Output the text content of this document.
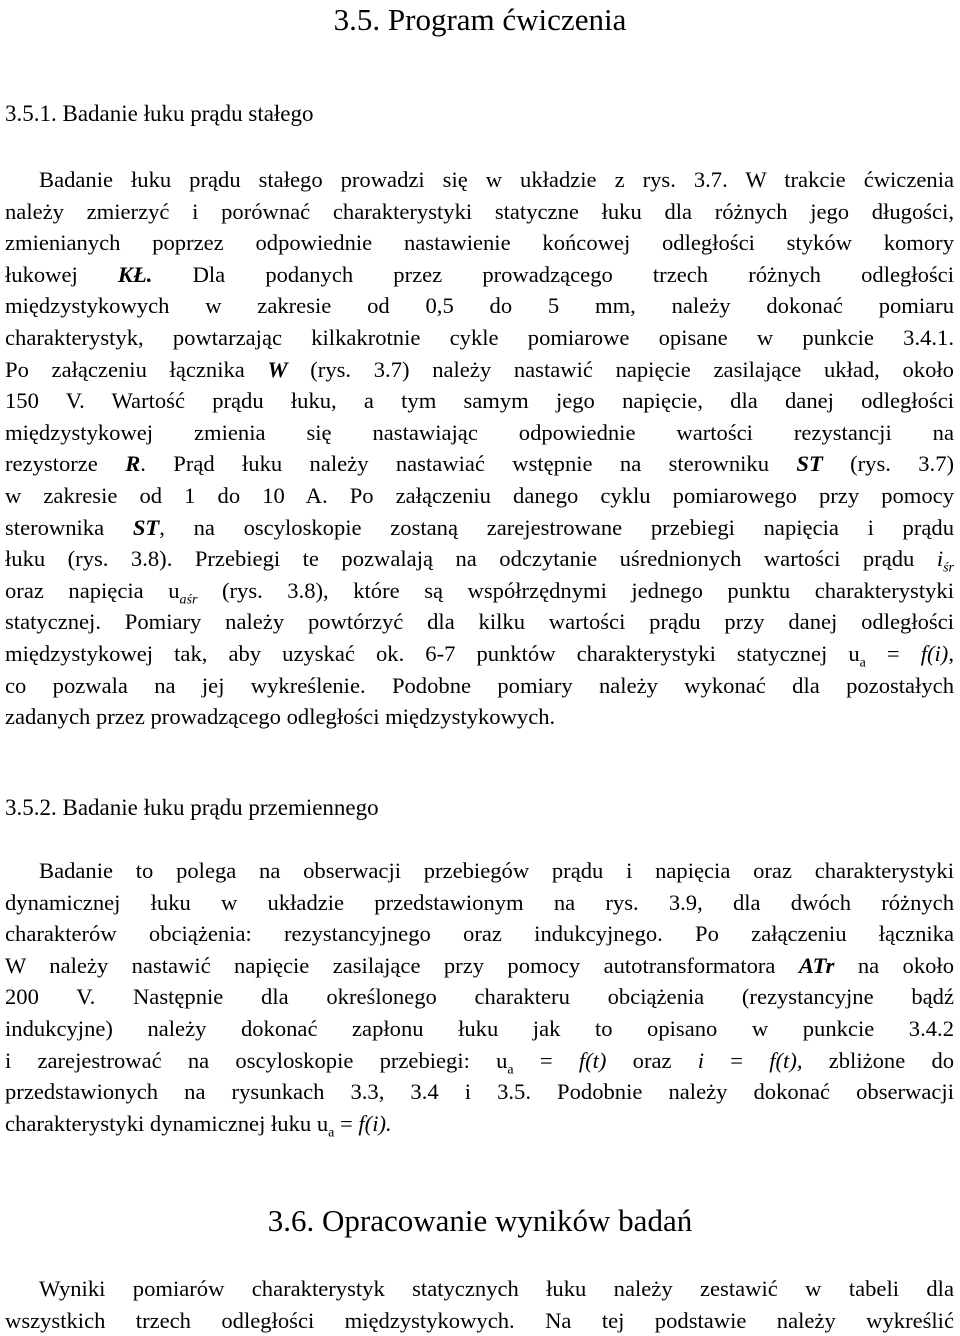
3.5. Program ćwiczenia
3.5.1. Badanie łuku prądu stałego
Badanie łuku prądu stałego prowadzi się w układzie z rys. 3.7. W trakcie ćwiczenia
należy zmierzyć i porównać charakterystyki statyczne łuku dla różnych jego długości,
zmienianych poprzez odpowiednie nastawienie końcowej odległości styków komory
łukowej KŁ. Dla podanych przez prowadzącego trzech różnych odległości
międzystykowych w zakresie od 0,5 do 5 mm, należy dokonać pomiaru
charakterystyk, powtarzając kilkakrotnie cykle pomiarowe opisane w punkcie 3.4.1.
Po załączeniu łącznika W (rys. 3.7) należy nastawić napięcie zasilające układ, około
150 V. Wartość prądu łuku, a tym samym jego napięcie, dla danej odległości
międzystykowej zmienia się nastawiając odpowiednie wartości rezystancji na
rezystorze R. Prąd łuku należy nastawiać wstępnie na sterowniku ST (rys. 3.7)
w zakresie od 1 do 10 A. Po załączeniu danego cyklu pomiarowego przy pomocy
sterownika ST, na oscyloskopie zostaną zarejestrowane przebiegi napięcia i prądu
łuku (rys. 3.8). Przebiegi te pozwalają na odczytanie uśrednionych wartości prądu $i_{śr}$
oraz napięcia $u_{aśr}$ (rys. 3.8), które są współrzędnymi jednego punktu charakterystyki
statycznej. Pomiary należy powtórzyć dla kilku wartości prądu przy danej odległości
międzystykowej tak, aby uzyskać ok. 6-7 punktów charakterystyki statycznej $u_a = f(i)$,
co pozwala na jej wykreślenie. Podobne pomiary należy wykonać dla pozostałych
zadanych przez prowadzącego odległości międzystykowych.
3.5.2. Badanie łuku prądu przemiennego
Badanie to polega na obserwacji przebiegów prądu i napięcia oraz charakterystyki
dynamicznej łuku w układzie przedstawionym na rys. 3.9, dla dwóch różnych
charakterów obciążenia: rezystancyjnego oraz indukcyjnego. Po załączeniu łącznika
W należy nastawić napięcie zasilające przy pomocy autotransformatora ATr na około
200 V. Następnie dla określonego charakteru obciążenia (rezystancyjne bądź
indukcyjne) należy dokonać zapłonu łuku jak to opisano w punkcie 3.4.2
i zarejestrować na oscyloskopie przebiegi: $u_a = f(t)$ oraz i = f(t), zbliżone do
przedstawionych na rysunkach 3.3, 3.4 i 3.5. Podobnie należy dokonać obserwacji
charakterystyki dynamicznej łuku $u_a = f(i)$.
3.6. Opracowanie wyników badań
Wyniki pomiarów charakterystyk statycznych łuku należy zestawić w tabeli dla
wszystkich trzech odległości międzystykowych. Na tej podstawie należy wykreślić
